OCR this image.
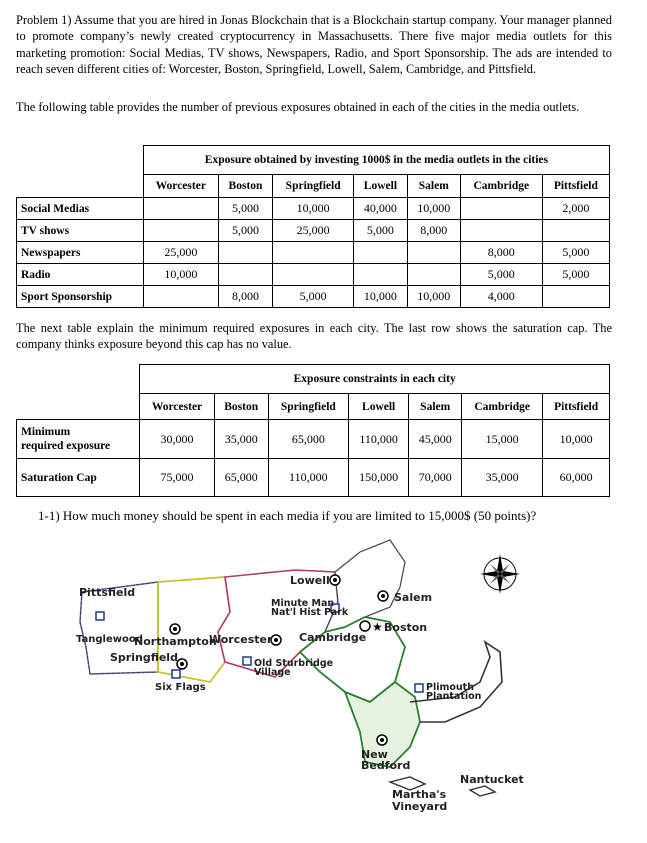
Problem 1) Assume that you are hired in Jonas Blockchain that is a Blockchain startup company. Your manager planned to promote company’s newly created cryptocurrency in Massachusetts. There five major media outlets for this marketing promotion: Social Medias, TV shows, Newspapers, Radio, and Sport Sponsorship. The ads are intended to reach seven different cities of: Worcester, Boston, Springfield, Lowell, Salem, Cambridge, and Pittsfield.
The following table provides the number of previous exposures obtained in each of the cities in the media outlets.
	Exposure obtained by investing 1000$ in the media outlets in the cities						
	Worcester	Boston	Springfield	Lowell	Salem	Cambridge	Pittsfield
Social Medias		5,000	10,000	40,000	10,000		2,000
TV shows		5,000	25,000	5,000	8,000		
Newspapers	25,000					8,000	5,000
Radio	10,000					5,000	5,000
Sport Sponsorship		8,000	5,000	10,000	10,000	4,000	
The next table explain the minimum required exposures in each city. The last row shows the saturation cap. The company thinks exposure beyond this cap has no value.
	Exposure constraints in each city						
	Worcester	Boston	Springfield	Lowell	Salem	Cambridge	Pittsfield
Minimum
required exposure	30,000	35,000	65,000	110,000	45,000	15,000	10,000
Saturation Cap	75,000	65,000	110,000	150,000	70,000	35,000	60,000
1-1) How much money should be spent in each media if you are limited to 15,000$ (50 points)?
★
Pittsfield
Tanglewood
Northampton
Springfield
Six Flags
Lowell
Minute Man
Nat'l Hist Park
Worcester Cambridge
Salem
Boston
Old Sturbridge
Village
Plimouth
Plantation
New
Bedford
Nantucket
Martha's
Vineyard
